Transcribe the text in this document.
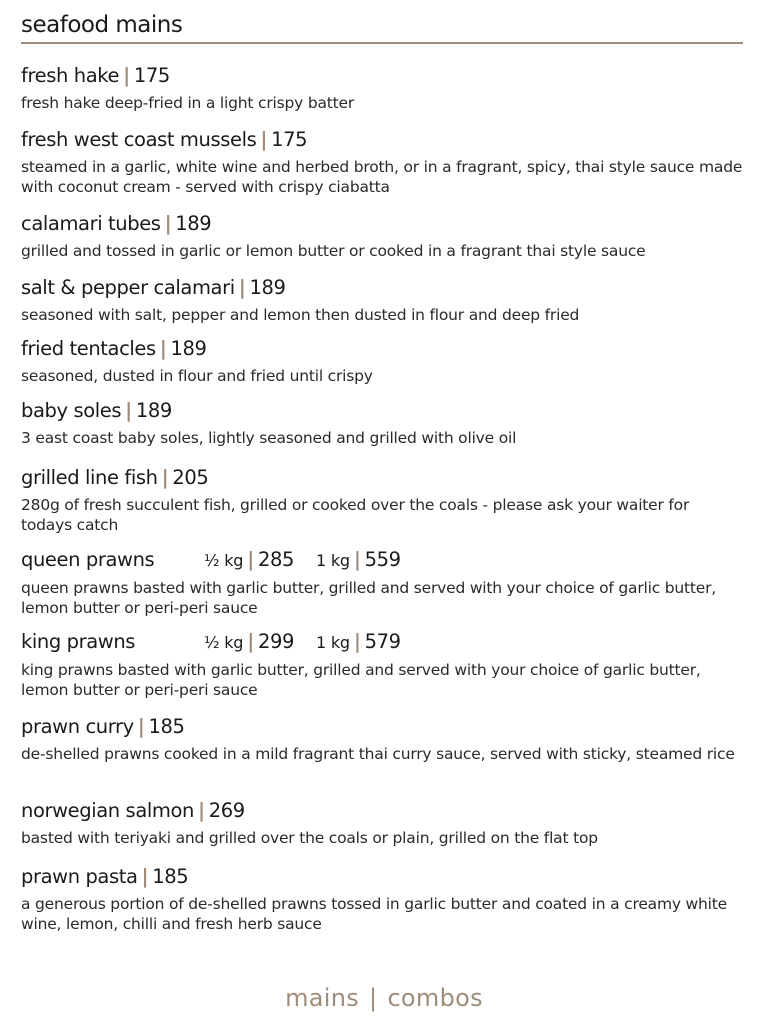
seafood mains
fresh hake | 175
fresh hake deep-fried in a light crispy batter
fresh west coast mussels | 175
steamed in a garlic, white wine and herbed broth, or in a fragrant, spicy, thai style sauce made with coconut cream - served with crispy ciabatta
calamari tubes | 189
grilled and tossed in garlic or lemon butter or cooked in a fragrant thai style sauce
salt & pepper calamari | 189
seasoned with salt, pepper and lemon then dusted in flour and deep fried
fried tentacles | 189
seasoned, dusted in flour and fried until crispy
baby soles | 189
3 east coast baby soles, lightly seasoned and grilled with olive oil
grilled line fish | 205
280g of fresh succulent fish, grilled or cooked over the coals - please ask your waiter for todays catch
queen prawns	½ kg | 285 1 kg | 559
queen prawns basted with garlic butter, grilled and served with your choice of garlic butter, lemon butter or peri-peri sauce
king prawns	½ kg | 299 1 kg | 579
king prawns basted with garlic butter, grilled and served with your choice of garlic butter, lemon butter or peri-peri sauce
prawn curry | 185
de-shelled prawns cooked in a mild fragrant thai curry sauce, served with sticky, steamed rice
norwegian salmon | 269
basted with teriyaki and grilled over the coals or plain, grilled on the flat top
prawn pasta | 185
a generous portion of de-shelled prawns tossed in garlic butter and coated in a creamy white wine, lemon, chilli and fresh herb sauce
mains | combos
